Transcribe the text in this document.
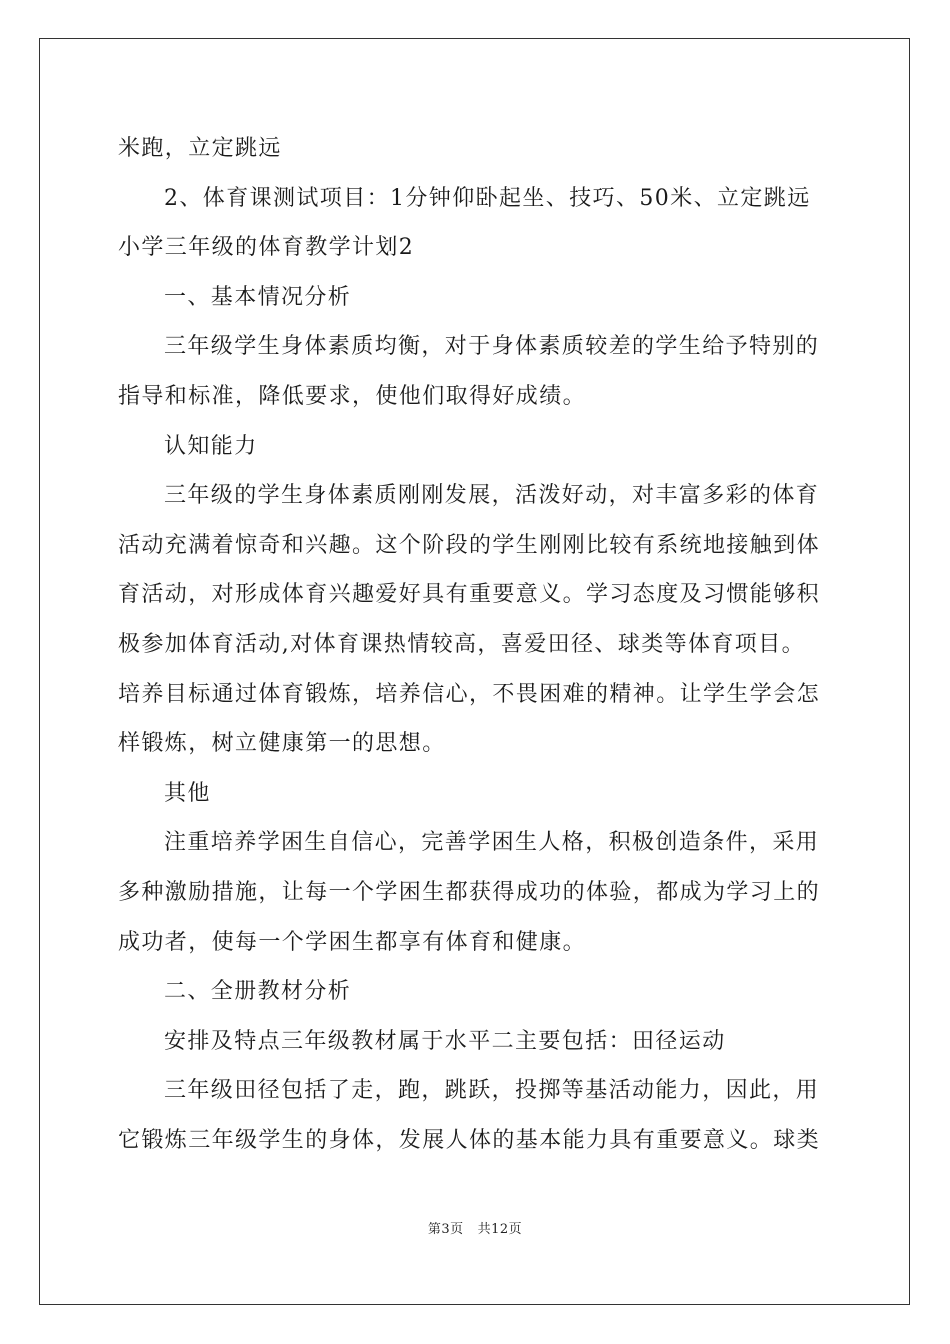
米跑，立定跳远
2、体育课测试项目：1分钟仰卧起坐、技巧、50米、立定跳远
小学三年级的体育教学计划2
一、基本情况分析
三年级学生身体素质均衡，对于身体素质较差的学生给予特别的
指导和标准，降低要求，使他们取得好成绩。
认知能力
三年级的学生身体素质刚刚发展，活泼好动，对丰富多彩的体育
活动充满着惊奇和兴趣。这个阶段的学生刚刚比较有系统地接触到体
育活动，对形成体育兴趣爱好具有重要意义。学习态度及习惯能够积
极参加体育活动,对体育课热情较高，喜爱田径、球类等体育项目。
培养目标通过体育锻炼，培养信心，不畏困难的精神。让学生学会怎
样锻炼，树立健康第一的思想。
其他
注重培养学困生自信心，完善学困生人格，积极创造条件，采用
多种激励措施，让每一个学困生都获得成功的体验，都成为学习上的
成功者，使每一个学困生都享有体育和健康。
二、全册教材分析
安排及特点三年级教材属于水平二主要包括：田径运动
三年级田径包括了走，跑，跳跃，投掷等基活动能力，因此，用
它锻炼三年级学生的身体，发展人体的基本能力具有重要意义。球类
第3页 共12页
